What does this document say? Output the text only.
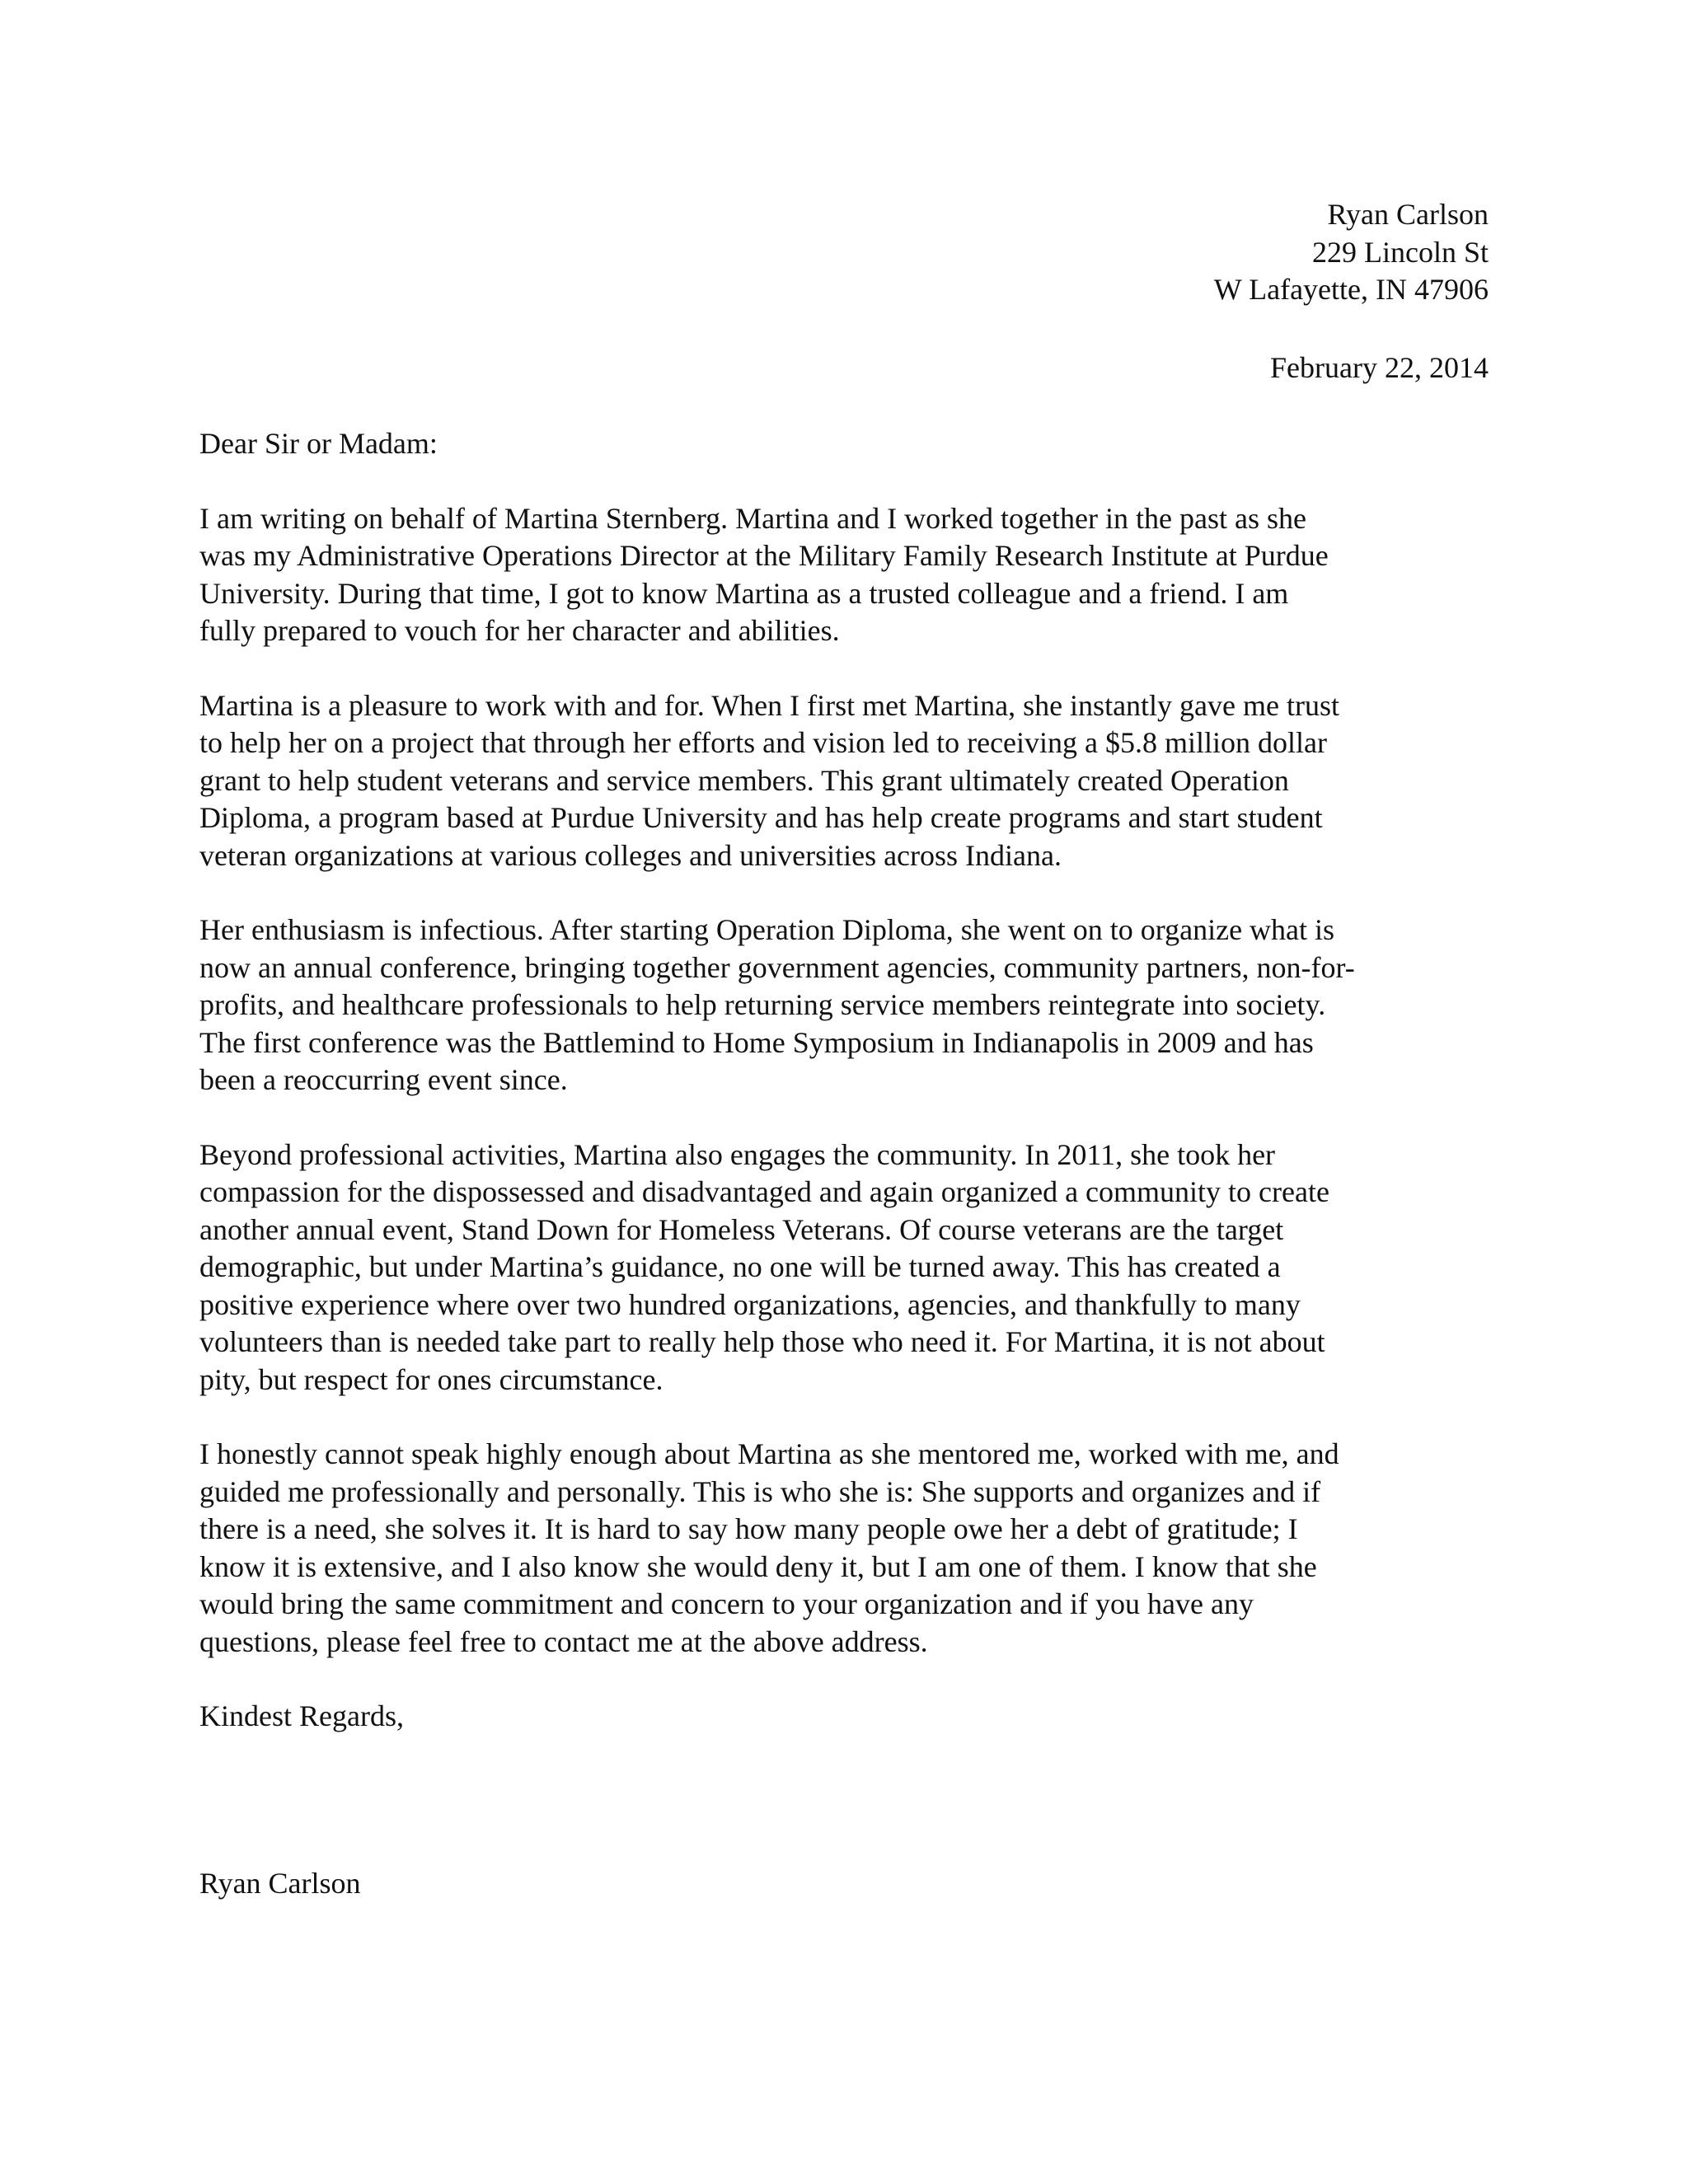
Ryan Carlson
229 Lincoln St
W Lafayette, IN 47906
February 22, 2014
Dear Sir or Madam:
I am writing on behalf of Martina Sternberg. Martina and I worked together in the past as she
was my Administrative Operations Director at the Military Family Research Institute at Purdue
University. During that time, I got to know Martina as a trusted colleague and a friend. I am
fully prepared to vouch for her character and abilities.
Martina is a pleasure to work with and for. When I first met Martina, she instantly gave me trust
to help her on a project that through her efforts and vision led to receiving a $5.8 million dollar
grant to help student veterans and service members. This grant ultimately created Operation
Diploma, a program based at Purdue University and has help create programs and start student
veteran organizations at various colleges and universities across Indiana.
Her enthusiasm is infectious. After starting Operation Diploma, she went on to organize what is
now an annual conference, bringing together government agencies, community partners, non-for-
profits, and healthcare professionals to help returning service members reintegrate into society.
The first conference was the Battlemind to Home Symposium in Indianapolis in 2009 and has
been a reoccurring event since.
Beyond professional activities, Martina also engages the community. In 2011, she took her
compassion for the dispossessed and disadvantaged and again organized a community to create
another annual event, Stand Down for Homeless Veterans. Of course veterans are the target
demographic, but under Martina’s guidance, no one will be turned away. This has created a
positive experience where over two hundred organizations, agencies, and thankfully to many
volunteers than is needed take part to really help those who need it. For Martina, it is not about
pity, but respect for ones circumstance.
I honestly cannot speak highly enough about Martina as she mentored me, worked with me, and
guided me professionally and personally. This is who she is: She supports and organizes and if
there is a need, she solves it. It is hard to say how many people owe her a debt of gratitude; I
know it is extensive, and I also know she would deny it, but I am one of them. I know that she
would bring the same commitment and concern to your organization and if you have any
questions, please feel free to contact me at the above address.
Kindest Regards,
Ryan Carlson
